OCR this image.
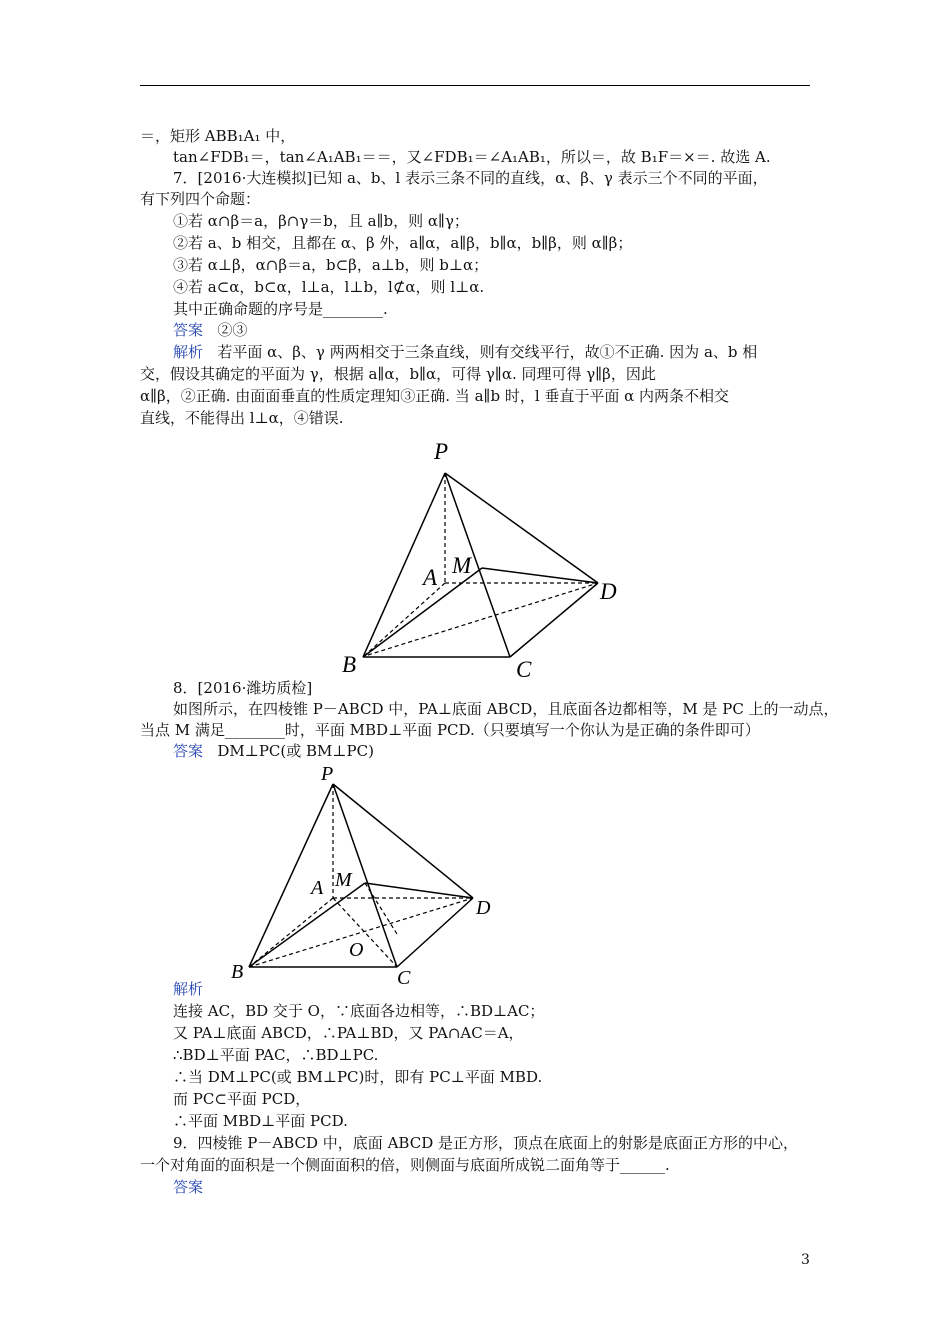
＝，矩形 ABB₁A₁ 中，
tan∠FDB₁＝，tan∠A₁AB₁＝＝，又∠FDB₁＝∠A₁AB₁，所以＝，故 B₁F＝×＝. 故选 A.
7．[2016·大连模拟]已知 a、b、l 表示三条不同的直线，α、β、γ 表示三个不同的平面，
有下列四个命题：
①若 α∩β＝a，β∩γ＝b，且 a∥b，则 α∥γ；
②若 a、b 相交，且都在 α、β 外，a∥α，a∥β，b∥α，b∥β，则 α∥β；
③若 α⊥β，α∩β＝a，b⊂β，a⊥b，则 b⊥α；
④若 a⊂α，b⊂α，l⊥a，l⊥b，l⊄α，则 l⊥α.
其中正确命题的序号是________.
答案 ②③
解析 若平面 α、β、γ 两两相交于三条直线，则有交线平行，故①不正确. 因为 a、b 相
交，假设其确定的平面为 γ，根据 a∥α，b∥α，可得 γ∥α. 同理可得 γ∥β，因此
α∥β，②正确. 由面面垂直的性质定理知③正确. 当 a∥b 时，l 垂直于平面 α 内两条不相交
直线，不能得出 l⊥α，④错误.
P
A M
D
B	C
8．[2016·潍坊质检]
如图所示，在四棱锥 P－ABCD 中，PA⊥底面 ABCD，且底面各边都相等，M 是 PC 上的一动点，
当点 M 满足________时，平面 MBD⊥平面 PCD.（只要填写一个你认为是正确的条件即可）
答案 DM⊥PC(或 BM⊥PC)
P
A M
D
B	C
O
解析
连接 AC，BD 交于 O，∵底面各边相等，∴BD⊥AC；
又 PA⊥底面 ABCD，∴PA⊥BD，又 PA∩AC＝A，
∴BD⊥平面 PAC，∴BD⊥PC.
∴当 DM⊥PC(或 BM⊥PC)时，即有 PC⊥平面 MBD.
而 PC⊂平面 PCD，
∴平面 MBD⊥平面 PCD.
9．四棱锥 P－ABCD 中，底面 ABCD 是正方形，顶点在底面上的射影是底面正方形的中心，
一个对角面的面积是一个侧面面积的倍，则侧面与底面所成锐二面角等于______.
答案
3
